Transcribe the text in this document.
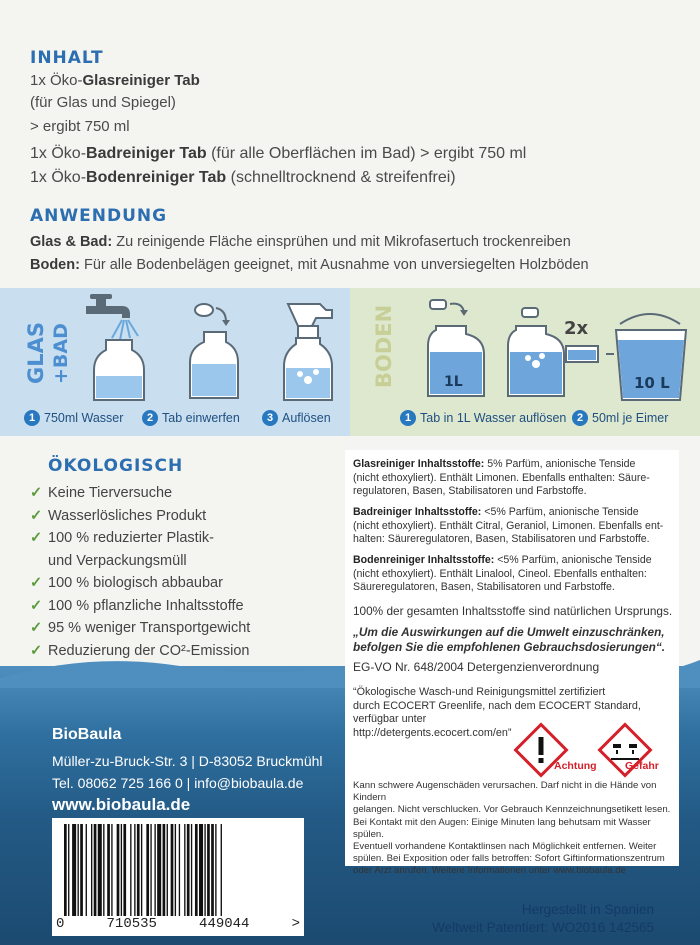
INHALT
1x Öko-Glasreiniger Tab
(für Glas und Spiegel)
> ergibt 750 ml
1x Öko-Badreiniger Tab (für alle Oberflächen im Bad) > ergibt 750 ml
1x Öko-Bodenreiniger Tab (schnelltrocknend & streifenfrei)
ANWENDUNG
Glas & Bad: Zu reinigende Fläche einsprühen und mit Mikrofasertuch trockenreiben
Boden: Für alle Bodenbelägen geeignet, mit Ausnahme von unversiegelten Holzböden
GLAS +BAD
1 750ml Wasser	2 Tab einwerfen	3 Auflösen
BODEN	1L
2x
10 L
1 Tab in 1L Wasser auflösen 2 50ml je Eimer
ÖKOLOGISCH
✓ Keine Tierversuche
✓ Wasserlösliches Produkt
✓ 100 % reduzierter Plastik-
und Verpackungsmüll
✓ 100 % biologisch abbaubar
✓ 100 % pflanzliche Inhaltsstoffe
✓ 95 % weniger Transportgewicht
✓ Reduzierung der CO²-Emission
BioBaula
Müller-zu-Bruck-Str. 3 | D-83052 Bruckmühl
Tel. 08062 725 166 0 | info@biobaula.de
www.biobaula.de
0	710535	449044	>
Glasreiniger Inhaltsstoffe: 5% Parfüm, anionische Tenside
(nicht ethoxyliert). Enthält Limonen. Ebenfalls enthalten: Säure-
regulatoren, Basen, Stabilisatoren und Farbstoffe.
Badreiniger Inhaltsstoffe: <5% Parfüm, anionische Tenside
(nicht ethoxyliert). Enthält Citral, Geraniol, Limonen. Ebenfalls ent-
halten: Säureregulatoren, Basen, Stabilisatoren und Farbstoffe.
Bodenreiniger Inhaltsstoffe: <5% Parfüm, anionische Tenside
(nicht ethoxyliert). Enthält Linalool, Cineol. Ebenfalls enthalten:
Säureregulatoren, Basen, Stabilisatoren und Farbstoffe.
100% der gesamten Inhaltsstoffe sind natürlichen Ursprungs.
„Um die Auswirkungen auf die Umwelt einzuschränken,
befolgen Sie die empfohlenen Gebrauchsdosierungen“.
EG-VO Nr. 648/2004 Detergenzienverordnung
“Ökologische Wasch-und Reinigungsmittel zertifiziert
durch ECOCERT Greenlife, nach dem ECOCERT Standard,
verfügbar unter
http://detergents.ecocert.com/en”
Achtung	Gefahr
Kann schwere Augenschäden verursachen. Darf nicht in die Hände von Kindern
gelangen. Nicht verschlucken. Vor Gebrauch Kennzeichnungsetikett lesen.
Bei Kontakt mit den Augen: Einige Minuten lang behutsam mit Wasser spülen.
Eventuell vorhandene Kontaktlinsen nach Möglichkeit entfernen. Weiter
spülen. Bei Exposition oder falls betroffen: Sofort Giftinformationszentrum
oder Arzt anrufen. Weitere Informationen unter www.biobaula.de
Hergestellt in Spanien
Weltweit Patentiert: WO2016 142565
